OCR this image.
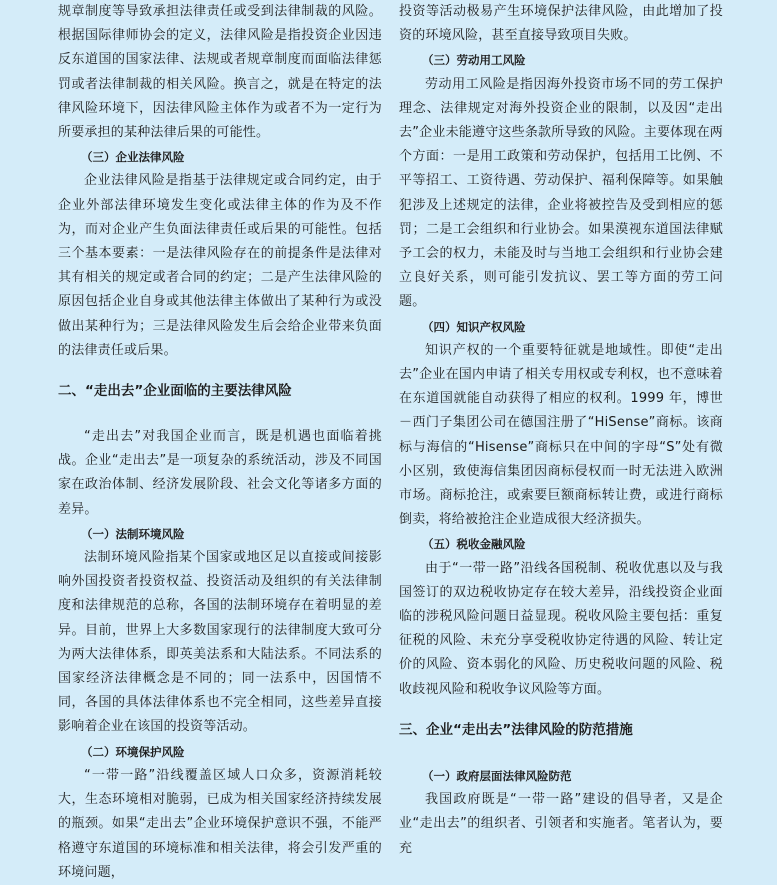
规章制度等导致承担法律责任或受到法律制裁的风险。根据国际律师协会的定义，法律风险是指投资企业因违反东道国的国家法律、法规或者规章制度而面临法律惩罚或者法律制裁的相关风险。换言之，就是在特定的法律风险环境下，因法律风险主体作为或者不为一定行为所要承担的某种法律后果的可能性。

（三）企业法律风险

企业法律风险是指基于法律规定或合同约定，由于企业外部法律环境发生变化或法律主体的作为及不作为，而对企业产生负面法律责任或后果的可能性。包括三个基本要素：一是法律风险存在的前提条件是法律对其有相关的规定或者合同的约定；二是产生法律风险的原因包括企业自身或其他法律主体做出了某种行为或没做出某种行为；三是法律风险发生后会给企业带来负面的法律责任或后果。

二、“走出去”企业面临的主要法律风险

“走出去”对我国企业而言，既是机遇也面临着挑战。企业“走出去”是一项复杂的系统活动，涉及不同国家在政治体制、经济发展阶段、社会文化等诸多方面的差异。

（一）法制环境风险

法制环境风险指某个国家或地区足以直接或间接影响外国投资者投资权益、投资活动及组织的有关法律制度和法律规范的总称，各国的法制环境存在着明显的差异。目前，世界上大多数国家现行的法律制度大致可分为两大法律体系，即英美法系和大陆法系。不同法系的国家经济法律概念是不同的；同一法系中，因国情不同，各国的具体法律体系也不完全相同，这些差异直接影响着企业在该国的投资等活动。

（二）环境保护风险

“一带一路”沿线覆盖区域人口众多，资源消耗较大，生态环境相对脆弱，已成为相关国家经济持续发展的瓶颈。如果“走出去”企业环境保护意识不强，不能严格遵守东道国的环境标准和相关法律，将会引发严重的环境问题，

投资等活动极易产生环境保护法律风险，由此增加了投资的环境风险，甚至直接导致项目失败。

（三）劳动用工风险

劳动用工风险是指因海外投资市场不同的劳工保护理念、法律规定对海外投资企业的限制，以及因“走出去”企业未能遵守这些条款所导致的风险。主要体现在两个方面：一是用工政策和劳动保护，包括用工比例、不平等招工、工资待遇、劳动保护、福利保障等。如果触犯涉及上述规定的法律，企业将被控告及受到相应的惩罚；二是工会组织和行业协会。如果漠视东道国法律赋予工会的权力，未能及时与当地工会组织和行业协会建立良好关系，则可能引发抗议、罢工等方面的劳工问题。

（四）知识产权风险

知识产权的一个重要特征就是地域性。即使“走出去”企业在国内申请了相关专用权或专利权，也不意味着在东道国就能自动获得了相应的权利。1999 年，博世－西门子集团公司在德国注册了“HiSense”商标。该商标与海信的“Hisense”商标只在中间的字母“S”处有微小区别，致使海信集团因商标侵权而一时无法进入欧洲市场。商标抢注，或索要巨额商标转让费，或进行商标倒卖，将给被抢注企业造成很大经济损失。

（五）税收金融风险

由于“一带一路”沿线各国税制、税收优惠以及与我国签订的双边税收协定存在较大差异，沿线投资企业面临的涉税风险问题日益显现。税收风险主要包括：重复征税的风险、未充分享受税收协定待遇的风险、转让定价的风险、资本弱化的风险、历史税收问题的风险、税收歧视风险和税收争议风险等方面。

三、企业“走出去”法律风险的防范措施

（一）政府层面法律风险防范

我国政府既是“一带一路”建设的倡导者，又是企业“走出去”的组织者、引领者和实施者。笔者认为，要充
